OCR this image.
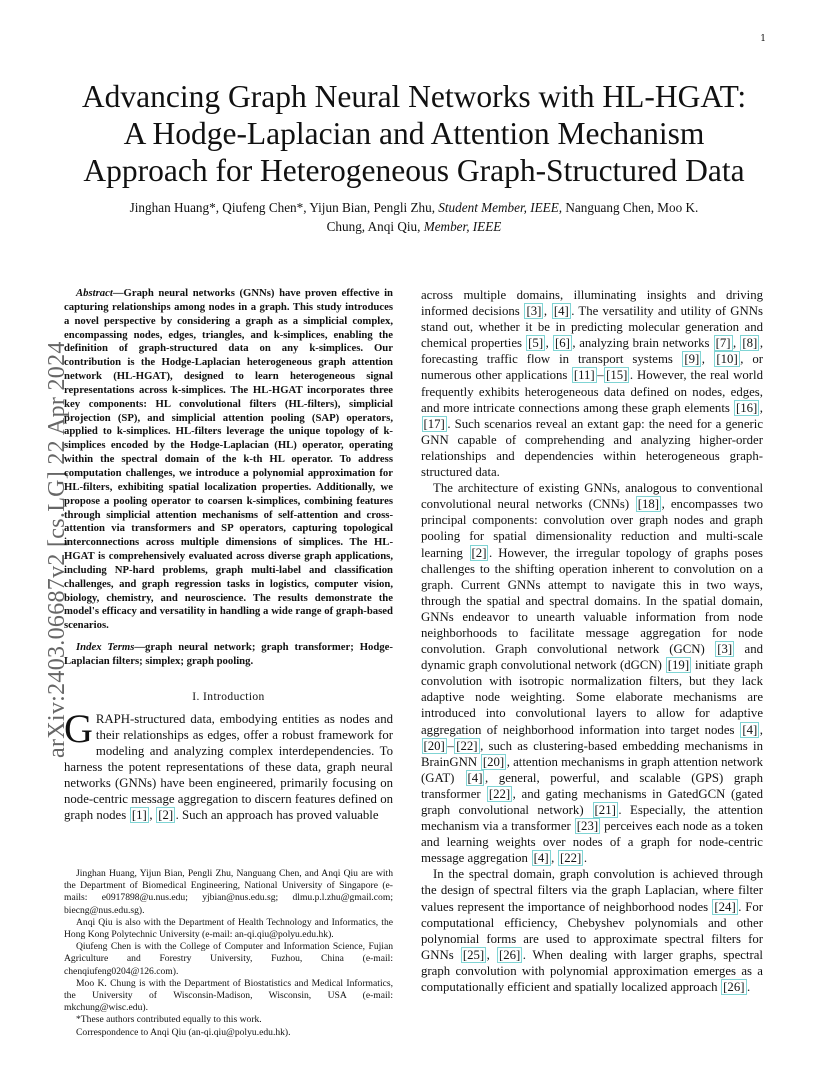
1
arXiv:2403.06687v2 [cs.LG] 22 Apr 2024
Advancing Graph Neural Networks with HL-HGAT:
A Hodge-Laplacian and Attention Mechanism
Approach for Heterogeneous Graph-Structured Data
Jinghan Huang*, Qiufeng Chen*, Yijun Bian, Pengli Zhu, Student Member, IEEE, Nanguang Chen, Moo K.
Chung, Anqi Qiu, Member, IEEE

Abstract—Graph neural networks (GNNs) have proven effective in capturing relationships among nodes in a graph. This study introduces a novel perspective by considering a graph as a simplicial complex, encompassing nodes, edges, triangles, and k-simplices, enabling the definition of graph-structured data on any k-simplices. Our contribution is the Hodge-Laplacian heterogeneous graph attention network (HL-HGAT), designed to learn heterogeneous signal representations across k-simplices. The HL-HGAT incorporates three key components: HL convolutional filters (HL-filters), simplicial projection (SP), and simplicial attention pooling (SAP) operators, applied to k-simplices. HL-filters leverage the unique topology of k-simplices encoded by the Hodge-Laplacian (HL) operator, operating within the spectral domain of the k-th HL operator. To address computation challenges, we introduce a polynomial approximation for HL-filters, exhibiting spatial localization properties. Additionally, we propose a pooling operator to coarsen k-simplices, combining features through simplicial attention mechanisms of self-attention and cross-attention via transformers and SP operators, capturing topological interconnections across multiple dimensions of simplices. The HL-HGAT is comprehensively evaluated across diverse graph applications, including NP-hard problems, graph multi-label and classification challenges, and graph regression tasks in logistics, computer vision, biology, chemistry, and neuroscience. The results demonstrate the model's efficacy and versatility in handling a wide range of graph-based scenarios.

Index Terms—graph neural network; graph transformer; Hodge-Laplacian filters; simplex; graph pooling.

I. Introduction

GRAPH-structured data, embodying entities as nodes and their relationships as edges, offer a robust framework for modeling and analyzing complex interdependencies. To harness the potent representations of these data, graph neural networks (GNNs) have been engineered, primarily focusing on node-centric message aggregation to discern features defined on graph nodes [1] , [2] . Such an approach has proved valuable

Jinghan Huang, Yijun Bian, Pengli Zhu, Nanguang Chen, and Anqi Qiu are with the Department of Biomedical Engineering, National University of Singapore (e-mails: e0917898@u.nus.edu; yjbian@nus.edu.sg; dlmu.p.l.zhu@gmail.com; biecng@nus.edu.sg).

Anqi Qiu is also with the Department of Health Technology and Informatics, the Hong Kong Polytechnic University (e-mail: an-qi.qiu@polyu.edu.hk).

Qiufeng Chen is with the College of Computer and Information Science, Fujian Agriculture and Forestry University, Fuzhou, China (e-mail: chenqiufeng0204@126.com).

Moo K. Chung is with the Department of Biostatistics and Medical Informatics, the University of Wisconsin-Madison, Wisconsin, USA (e-mail: mkchung@wisc.edu).

*These authors contributed equally to this work.

Correspondence to Anqi Qiu (an-qi.qiu@polyu.edu.hk).

across multiple domains, illuminating insights and driving informed decisions [3] , [4] . The versatility and utility of GNNs stand out, whether it be in predicting molecular generation and chemical properties [5] , [6] , analyzing brain networks [7] , [8] , forecasting traffic flow in transport systems [9] , [10] , or numerous other applications [11] – [15] . However, the real world frequently exhibits heterogeneous data defined on nodes, edges, and more intricate connections among these graph elements [16] , [17] . Such scenarios reveal an extant gap: the need for a generic GNN capable of comprehending and analyzing higher-order relationships and dependencies within heterogeneous graph-structured data.

The architecture of existing GNNs, analogous to conventional convolutional neural networks (CNNs) [18] , encompasses two principal components: convolution over graph nodes and graph pooling for spatial dimensionality reduction and multi-scale learning [2] . However, the irregular topology of graphs poses challenges to the shifting operation inherent to convolution on a graph. Current GNNs attempt to navigate this in two ways, through the spatial and spectral domains. In the spatial domain, GNNs endeavor to unearth valuable information from node neighborhoods to facilitate message aggregation for node convolution. Graph convolutional network (GCN) [3] and dynamic graph convolutional network (dGCN) [19] initiate graph convolution with isotropic normalization filters, but they lack adaptive node weighting. Some elaborate mechanisms are introduced into convolutional layers to allow for adaptive aggregation of neighborhood information into target nodes [4] , [20] – [22] , such as clustering-based embedding mechanisms in BrainGNN [20] , attention mechanisms in graph attention network (GAT) [4] , general, powerful, and scalable (GPS) graph transformer [22] , and gating mechanisms in GatedGCN (gated graph convolutional network) [21] . Especially, the attention mechanism via a transformer [23] perceives each node as a token and learning weights over nodes of a graph for node-centric message aggregation [4] , [22] .

In the spectral domain, graph convolution is achieved through the design of spectral filters via the graph Laplacian, where filter values represent the importance of neighborhood nodes [24] . For computational efficiency, Chebyshev polynomials and other polynomial forms are used to approximate spectral filters for GNNs [25] , [26] . When dealing with larger graphs, spectral graph convolution with polynomial approximation emerges as a computationally efficient and spatially localized approach [26] .
